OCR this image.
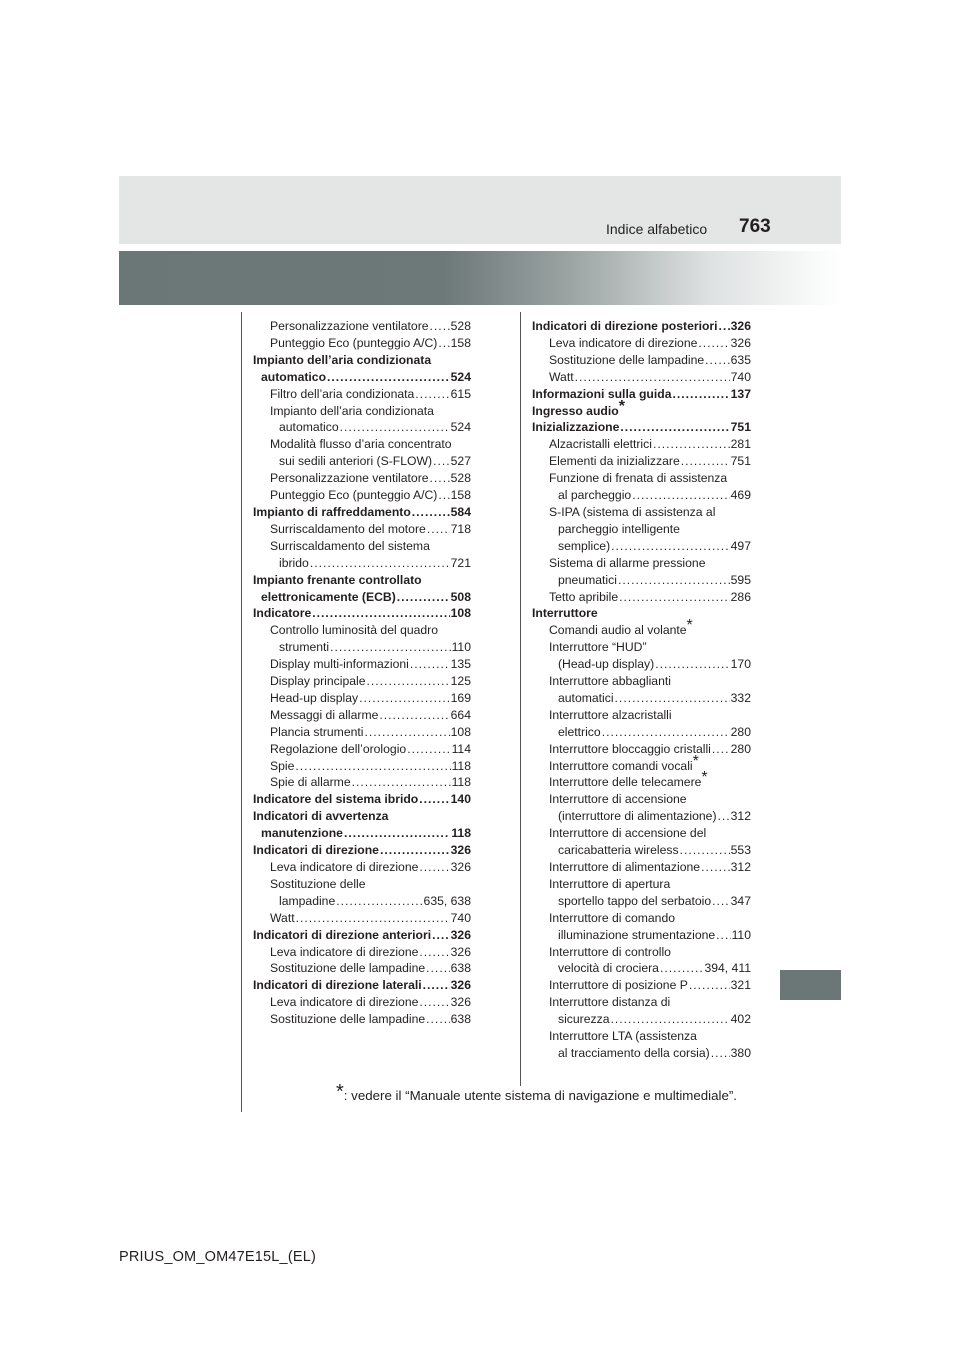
763
Indice alfabetico
Personalizzazione ventilatore ..... 528
Punteggio Eco (punteggio A/C) ..... 158
Impianto dell’aria condizionata
automatico .....	524
Filtro dell’aria condizionata .....	615
Impianto dell’aria condizionata
automatico .....	524
Modalità flusso d’aria concentrato
sui sedili anteriori (S-FLOW) ..... 527
Personalizzazione ventilatore ..... 528
Punteggio Eco (punteggio A/C) ..... 158
Impianto di raffreddamento .....	584
Surriscaldamento del motore ..... 718
Surriscaldamento del sistema
ibrido .....	721
Impianto frenante controllato
elettronicamente (ECB) .....	508
Indicatore .....	108
Controllo luminosità del quadro
strumenti .....	110
Display multi-informazioni .....	135
Display principale .....	125
Head-up display .....	169
Messaggi di allarme .....	664
Plancia strumenti .....	108
Regolazione dell’orologio .....	114
Spie .....	118
Spie di allarme .....	118
Indicatore del sistema ibrido .....	140
Indicatori di avvertenza
manutenzione .....	118
Indicatori di direzione .....	326
Leva indicatore di direzione .....	326
Sostituzione delle
lampadine .....	635, 638
Watt .....	740
Indicatori di direzione anteriori ..... 326
Leva indicatore di direzione .....	326
Sostituzione delle lampadine ..... 638
Indicatori di direzione laterali ..... 326
Leva indicatore di direzione .....	326
Sostituzione delle lampadine ..... 638
Indicatori di direzione posteriori ..... 326
Leva indicatore di direzione .....	326
Sostituzione delle lampadine ..... 635
Watt .....	740
Informazioni sulla guida .....	137
Ingresso audio*
Inizializzazione .....	751
Alzacristalli elettrici .....	281
Elementi da inizializzare .....	751
Funzione di frenata di assistenza
al parcheggio .....	469
S-IPA (sistema di assistenza al
parcheggio intelligente
semplice) .....	497
Sistema di allarme pressione
pneumatici .....	595
Tetto apribile .....	286
Interruttore
Comandi audio al volante*
Interruttore “HUD”
(Head-up display) .....	170
Interruttore abbaglianti
automatici .....	332
Interruttore alzacristalli
elettrico .....	280
Interruttore bloccaggio cristalli ..... 280
Interruttore comandi vocali*
Interruttore delle telecamere*
Interruttore di accensione
(interruttore di alimentazione) ..... 312
Interruttore di accensione del
caricabatteria wireless .....	553
Interruttore di alimentazione .....	312
Interruttore di apertura
sportello tappo del serbatoio ..... 347
Interruttore di comando
illuminazione strumentazione ..... 110
Interruttore di controllo
velocità di crociera .....	394, 411
Interruttore di posizione P .....	321
Interruttore distanza di
sicurezza .....	402
Interruttore LTA (assistenza
al tracciamento della corsia) ..... 380
*: vedere il “Manuale utente sistema di navigazione e multimediale”.
PRIUS_OM_OM47E15L_(EL)
